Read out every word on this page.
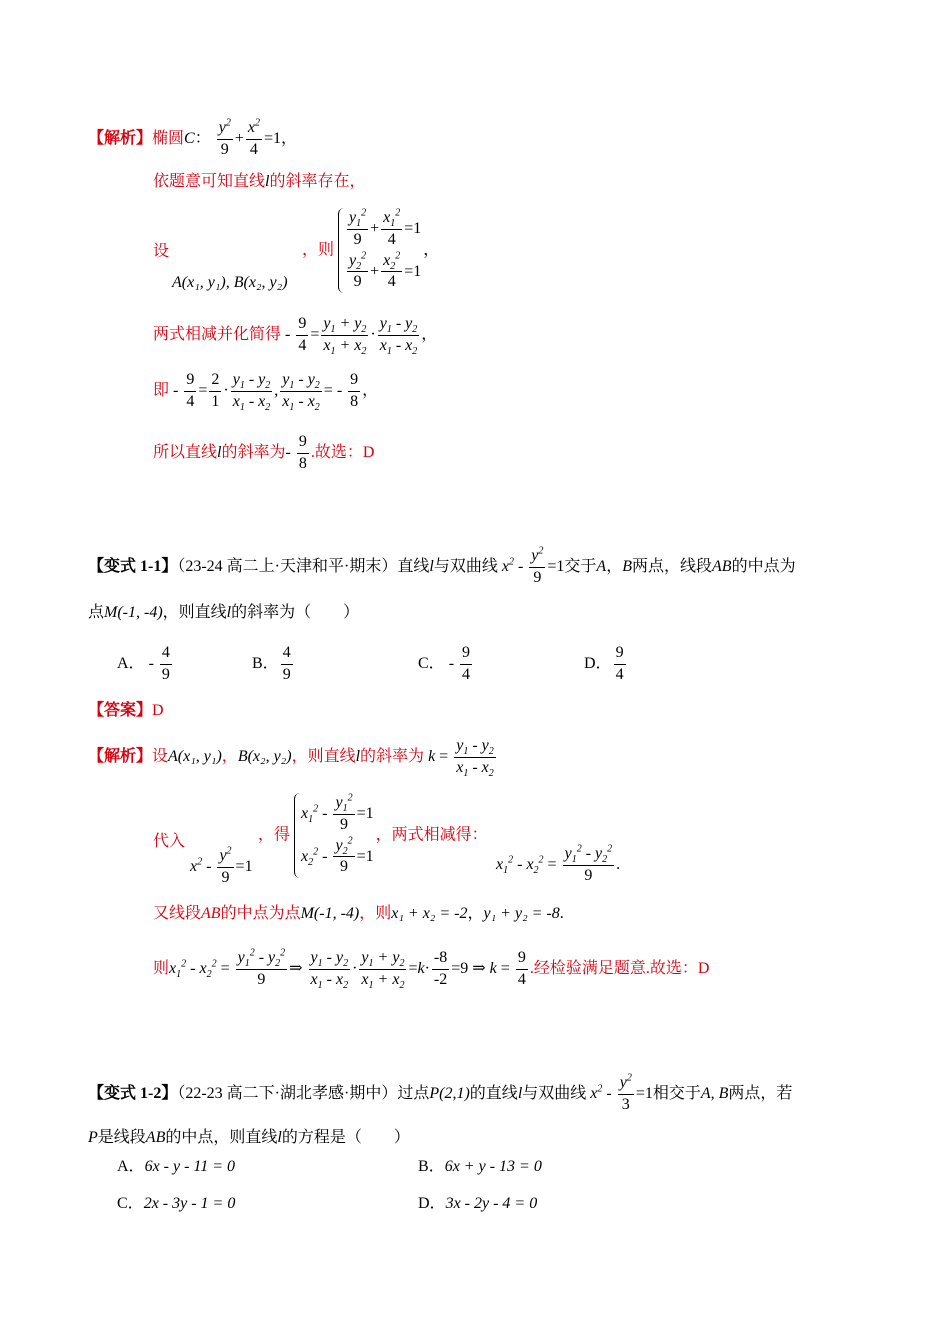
【解析】椭圆C： $\frac{y^2}{9} + \frac{x^2}{4} =1$，
依题意可知直线l的斜率存在，
设
A(x₁, y₁), B(x₂, y₂)
，则
$\frac{y_1^2}{9} + \frac{x_1^2}{4} =1$
$\frac{y_2^2}{9} + \frac{x_2^2}{4} =1$
，
两式相减并化简得 - $\frac{9}{4} = \frac{y_1 + y_2}{x_1 + x_2} \cdot \frac{y_1 - y_2}{x_1 - x_2}$ ，
即 - $\frac{9}{4} = \frac{2}{1} \cdot \frac{y_1 - y_2}{x_1 - x_2}$ , $\frac{y_1 - y_2}{x_1 - x_2}$ = - $\frac{9}{8}$ ，
所以直线l的斜率为- $\frac{9}{8}$ .故选：D
【变式 1-1】（23-24 高二上·天津和平·期末）直线l与双曲线 $x^2 - \frac{y^2}{9} =1$交于A，B两点，线段AB的中点为
点M(-1, -4)，则直线l的斜率为（　　）
A． - $\frac{4}{9}$	B． $\frac{4}{9}$	C． - $\frac{9}{4}$	D． $\frac{9}{4}$
【答案】D
【解析】设A(x₁, y₁)，B(x₂, y₂)，则直线l的斜率为 $k = \frac{y_1 - y_2}{x_1 - x_2}$
代入
$x^2 - \frac{y^2}{9} =1$
，得
$x_1^2 - \frac{y_1^2}{9} =1$
$x_2^2 - \frac{y_2^2}{9} =1$
，两式相减得：
$x_1^2 - x_2^2 = \frac{y_1^2 - y_2^2}{9}$ .
又线段AB的中点为点M(-1, -4)，则x₁ + x₂ = -2，y₁ + y₂ = -8.
则$x_1^2 - x_2^2 = \frac{y_1^2 - y_2^2}{9}$ ⇒ $\frac{y_1 - y_2}{x_1 - x_2} \cdot \frac{y_1 + y_2}{x_1 + x_2} =k\cdot \frac{-8}{-2} =9$ ⇒ $k = \frac{9}{4}$ .经检验满足题意.故选：D
【变式 1-2】（22-23 高二下·湖北孝感·期中）过点P(2,1)的直线l与双曲线 $x^2 - \frac{y^2}{3} =1$相交于A, B两点，若
P是线段AB的中点，则直线l的方程是（　　）
A．6x - y - 11 = 0	B．6x + y - 13 = 0
C．2x - 3y - 1 = 0	D．3x - 2y - 4 = 0
